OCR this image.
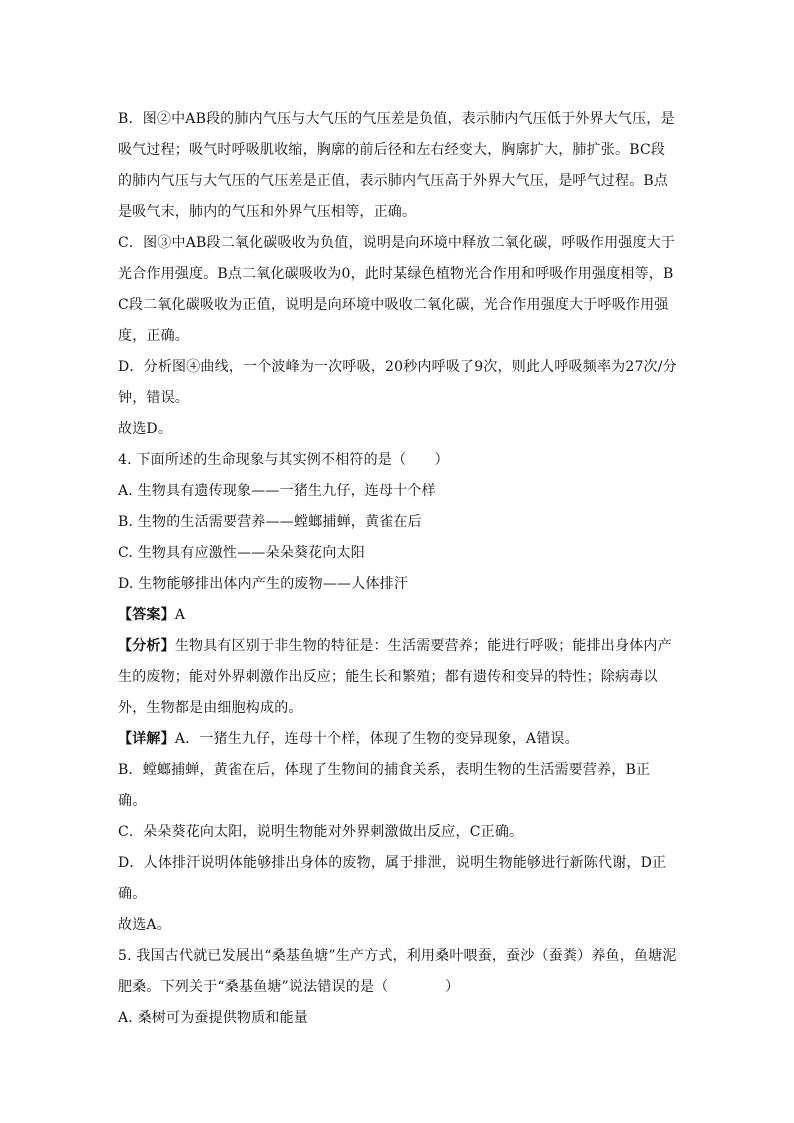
B．图②中AB段的肺内气压与大气压的气压差是负值，表示肺内气压低于外界大气压，是吸气过程；吸气时呼吸肌收缩，胸廓的前后径和左右经变大，胸廓扩大，肺扩张。BC段的肺内气压与大气压的气压差是正值，表示肺内气压高于外界大气压，是呼气过程。B点是吸气末，肺内的气压和外界气压相等，正确。

C．图③中AB段二氧化碳吸收为负值，说明是向环境中释放二氧化碳，呼吸作用强度大于光合作用强度。B点二氧化碳吸收为0，此时某绿色植物光合作用和呼吸作用强度相等，BC段二氧化碳吸收为正值，说明是向环境中吸收二氧化碳，光合作用强度大于呼吸作用强度，正确。

D．分析图④曲线，一个波峰为一次呼吸，20秒内呼吸了9次，则此人呼吸频率为27次/分钟，错误。

故选D。

4. 下面所述的生命现象与其实例不相符的是（　　）

A. 生物具有遗传现象——一猪生九仔，连母十个样

B. 生物的生活需要营养——螳螂捕蝉，黄雀在后

C. 生物具有应激性——朵朵葵花向太阳

D. 生物能够排出体内产生的废物——人体排汗

【答案】A

【分析】生物具有区别于非生物的特征是：生活需要营养；能进行呼吸；能排出身体内产生的废物；能对外界刺激作出反应；能生长和繁殖；都有遗传和变异的特性；除病毒以外，生物都是由细胞构成的。

【详解】A．一猪生九仔，连母十个样，体现了生物的变异现象，A错误。

B．螳螂捕蝉，黄雀在后，体现了生物间的捕食关系，表明生物的生活需要营养，B正确。

C．朵朵葵花向太阳，说明生物能对外界刺激做出反应，C正确。

D．人体排汗说明体能够排出身体的废物，属于排泄，说明生物能够进行新陈代谢，D正确。

故选A。

5. 我国古代就已发展出“桑基鱼塘”生产方式，利用桑叶喂蚕，蚕沙（蚕粪）养鱼，鱼塘泥肥桑。下列关于“桑基鱼塘”说法错误的是（　　　　）

A. 桑树可为蚕提供物质和能量
